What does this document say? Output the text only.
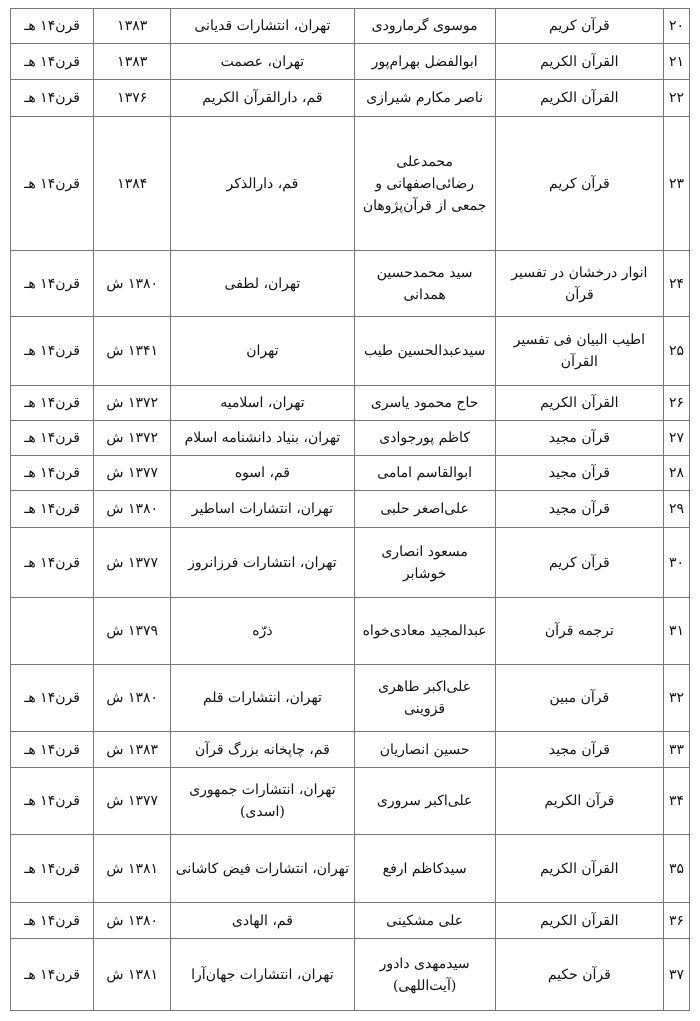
۲۰	قرآن کریم	موسوی گرمارودی	تهران، انتشارات قدیانی	۱۳۸۳	قرن۱۴ هـ
۲۱	القرآن الکریم	ابوالفضل بهرام‌پور	تهران، عصمت	۱۳۸۳	قرن۱۴ هـ
۲۲	القرآن الکریم	ناصر مکارم شیرازی	قم، دارالقرآن الکریم	۱۳۷۶	قرن۱۴ هـ
۲۳	قرآن کریم	محمدعلی رضائی‌اصفهانی و جمعی از قرآن‌پژوهان	قم، دارالذکر	۱۳۸۴	قرن۱۴ هـ
۲۴	انوار درخشان در تفسیر قرآن	سید محمدحسین همدانی	تهران، لطفی	۱۳۸۰ ش	قرن۱۴ هـ
۲۵	اطیب البیان فی تفسیر القرآن	سیدعبدالحسین طیب	تهران	۱۳۴۱ ش	قرن۱۴ هـ
۲۶	القرآن الکریم	حاج محمود یاسری	تهران، اسلامیه	۱۳۷۲ ش	قرن۱۴ هـ
۲۷	قرآن مجید	کاظم پورجوادی	تهران، بنیاد دانشنامه اسلام	۱۳۷۲ ش	قرن۱۴ هـ
۲۸	قرآن مجید	ابوالقاسم امامی	قم، اسوه	۱۳۷۷ ش	قرن۱۴ هـ
۲۹	قرآن مجید	علی‌اصغر حلبی	تهران، انتشارات اساطیر	۱۳۸۰ ش	قرن۱۴ هـ
۳۰	قرآن کریم	مسعود انصاری خوشابر	تهران، انتشارات فرزانروز	۱۳۷۷ ش	قرن۱۴ هـ
۳۱	ترجمه قرآن	عبدالمجید معادی‌خواه	ذرّه	۱۳۷۹ ش	
۳۲	قرآن مبین	علی‌اکبر طاهری قزوینی	تهران، انتشارات قلم	۱۳۸۰ ش	قرن۱۴ هـ
۳۳	قرآن مجید	حسین انصاریان	قم، چاپخانه بزرگ قرآن	۱۳۸۳ ش	قرن۱۴ هـ
۳۴	قرآن الکریم	علی‌اکبر سروری	تهران، انتشارات جمهوری (اسدی)	۱۳۷۷ ش	قرن۱۴ هـ
۳۵	القرآن الکریم	سیدکاظم ارفع	تهران، انتشارات فیض کاشانی	۱۳۸۱ ش	قرن۱۴ هـ
۳۶	القرآن الکریم	علی مشکینی	قم، الهادی	۱۳۸۰ ش	قرن۱۴ هـ
۳۷	قرآن حکیم	سیدمهدی دادور (آیت‌اللهی)	تهران، انتشارات جهان‌آرا	۱۳۸۱ ش	قرن۱۴ هـ
